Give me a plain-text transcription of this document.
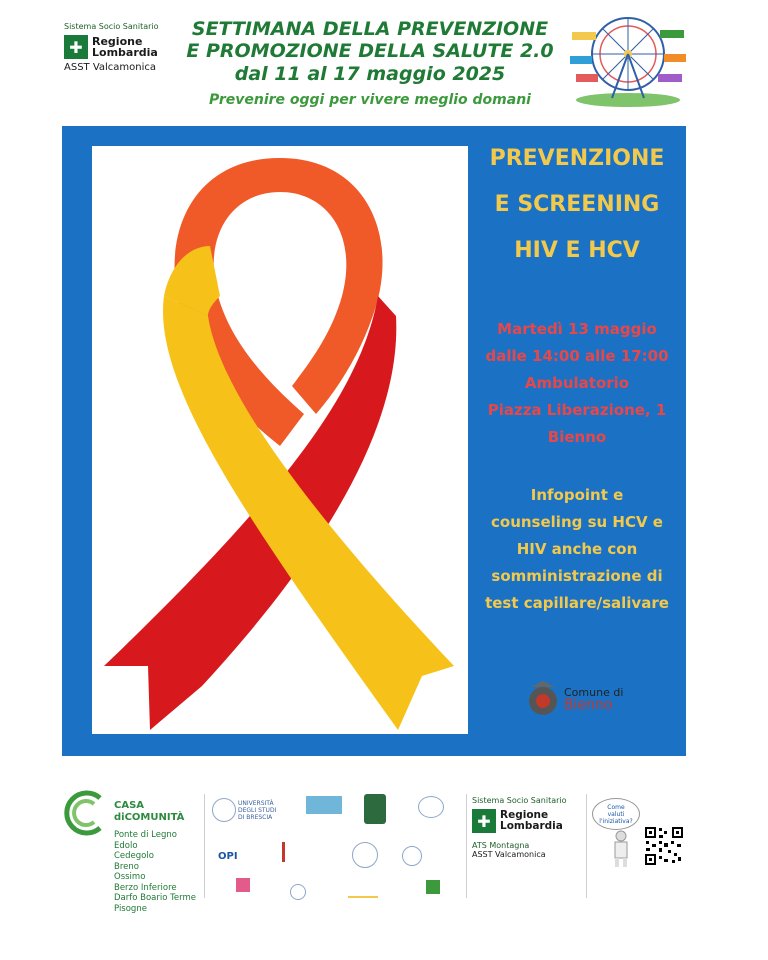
Sistema Socio Sanitario
✚ Regione
Lombardia
ASST Valcamonica
SETTIMANA DELLA PREVENZIONE
E PROMOZIONE DELLA SALUTE 2.0
dal 11 al 17 maggio 2025
Prevenire oggi per vivere meglio domani
PREVENZIONE
E SCREENING
HIV E HCV
Martedì 13 maggio
dalle 14:00 alle 17:00
Ambulatorio
Piazza Liberazione, 1
Bienno
Infopoint e
counseling su HCV e
HIV anche con
somministrazione di
test capillare/salivare
Comune di
Bienno
CASA
diCOMUNITÀ
Ponte di Legno
Edolo
Cedegolo
Breno
Ossimo
Berzo Inferiore
Darfo Boario Terme
Pisogne
UNIVERSITÀ
DEGLI STUDI
DI BRESCIA
OPI
Sistema Socio Sanitario
✚ Regione
Lombardia
ATS Montagna
ASST Valcamonica
Come
valuti
l'iniziativa?
